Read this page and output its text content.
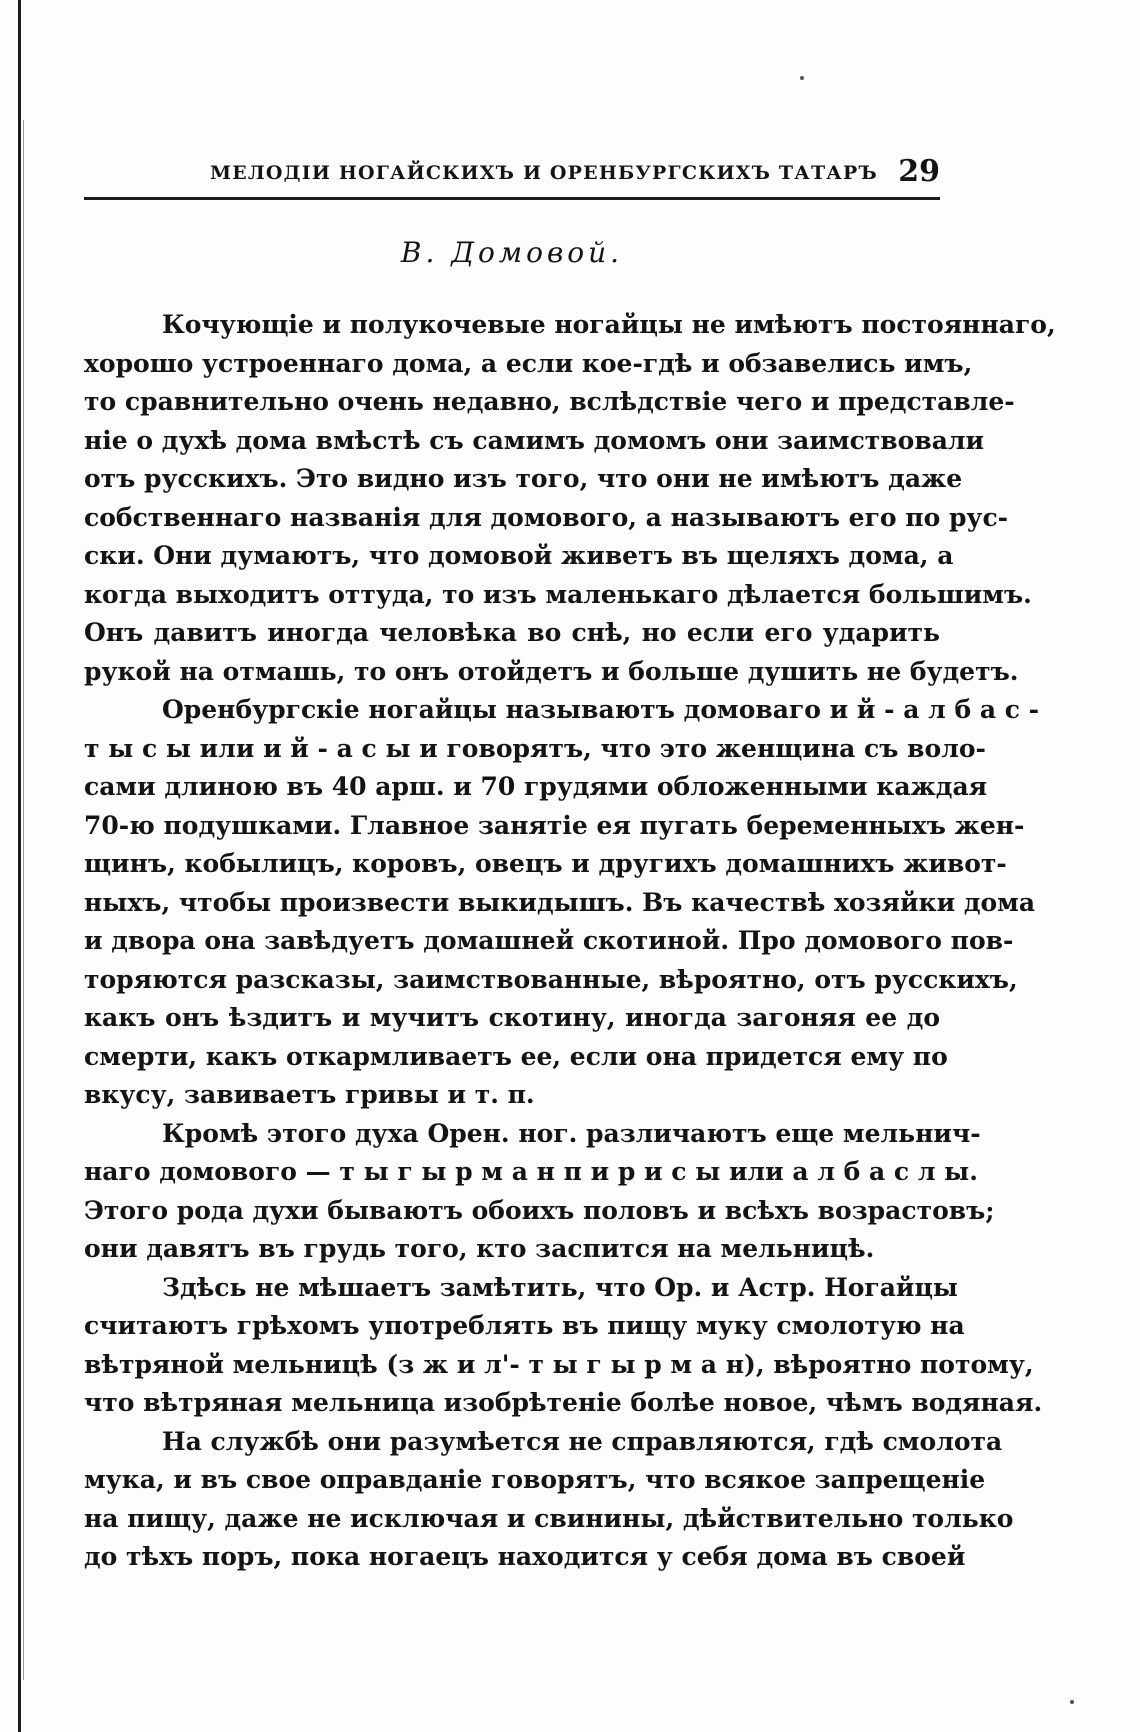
МЕЛОДІИ НОГАЙСКИХЪ И ОРЕНБУРГСКИХЪ ТАТАРЪ 29
В. Домовой.
Кочующіе и полукочевые ногайцы не имѣютъ постояннаго,
хорошо устроеннаго дома, а если кое-гдѣ и обзавелись имъ,
то сравнительно очень недавно, вслѣдствіе чего и представле-
ніе о духѣ дома вмѣстѣ съ самимъ домомъ они заимствовали
отъ русскихъ. Это видно изъ того, что они не имѣютъ даже
собственнаго названія для домового, а называютъ его по рус-
ски. Они думаютъ, что домовой живетъ въ щеляхъ дома, а
когда выходитъ оттуда, то изъ маленькаго дѣлается большимъ.
Онъ давитъ иногда человѣка во снѣ, но если его ударить
рукой на отмашь, то онъ отойдетъ и больше душить не будетъ.
Оренбургскіе ногайцы называютъ домоваго и й - а л б а с -
т ы с ы или и й - а с ы и говорятъ, что это женщина съ воло-
сами длиною въ 40 арш. и 70 грудями обложенными каждая
70-ю подушками. Главное занятіе ея пугать беременныхъ жен-
щинъ, кобылицъ, коровъ, овецъ и другихъ домашнихъ живот-
ныхъ, чтобы произвести выкидышъ. Въ качествѣ хозяйки дома
и двора она завѣдуетъ домашней скотиной. Про домового пов-
торяются разсказы, заимствованные, вѣроятно, отъ русскихъ,
какъ онъ ѣздитъ и мучитъ скотину, иногда загоняя ее до
смерти, какъ откармливаетъ ее, если она придется ему по
вкусу, завиваетъ гривы и т. п.
Кромѣ этого духа Орен. ног. различаютъ еще мельнич-
наго домового — т ы г ы р м а н п и р и с ы или а л б а с л ы.
Этого рода духи бываютъ обоихъ половъ и всѣхъ возрастовъ;
они давятъ въ грудь того, кто заспится на мельницѣ.
Здѣсь не мѣшаетъ замѣтить, что Ор. и Астр. Ногайцы
считаютъ грѣхомъ употреблять въ пищу муку смолотую на
вѣтряной мельницѣ (з ж и л'- т ы г ы р м а н), вѣроятно потому,
что вѣтряная мельница изобрѣтеніе болѣе новое, чѣмъ водяная.
На службѣ они разумѣется не справляются, гдѣ смолота
мука, и въ свое оправданіе говорятъ, что всякое запрещеніе
на пищу, даже не исключая и свинины, дѣйствительно только
до тѣхъ поръ, пока ногаецъ находится у себя дома въ своей
